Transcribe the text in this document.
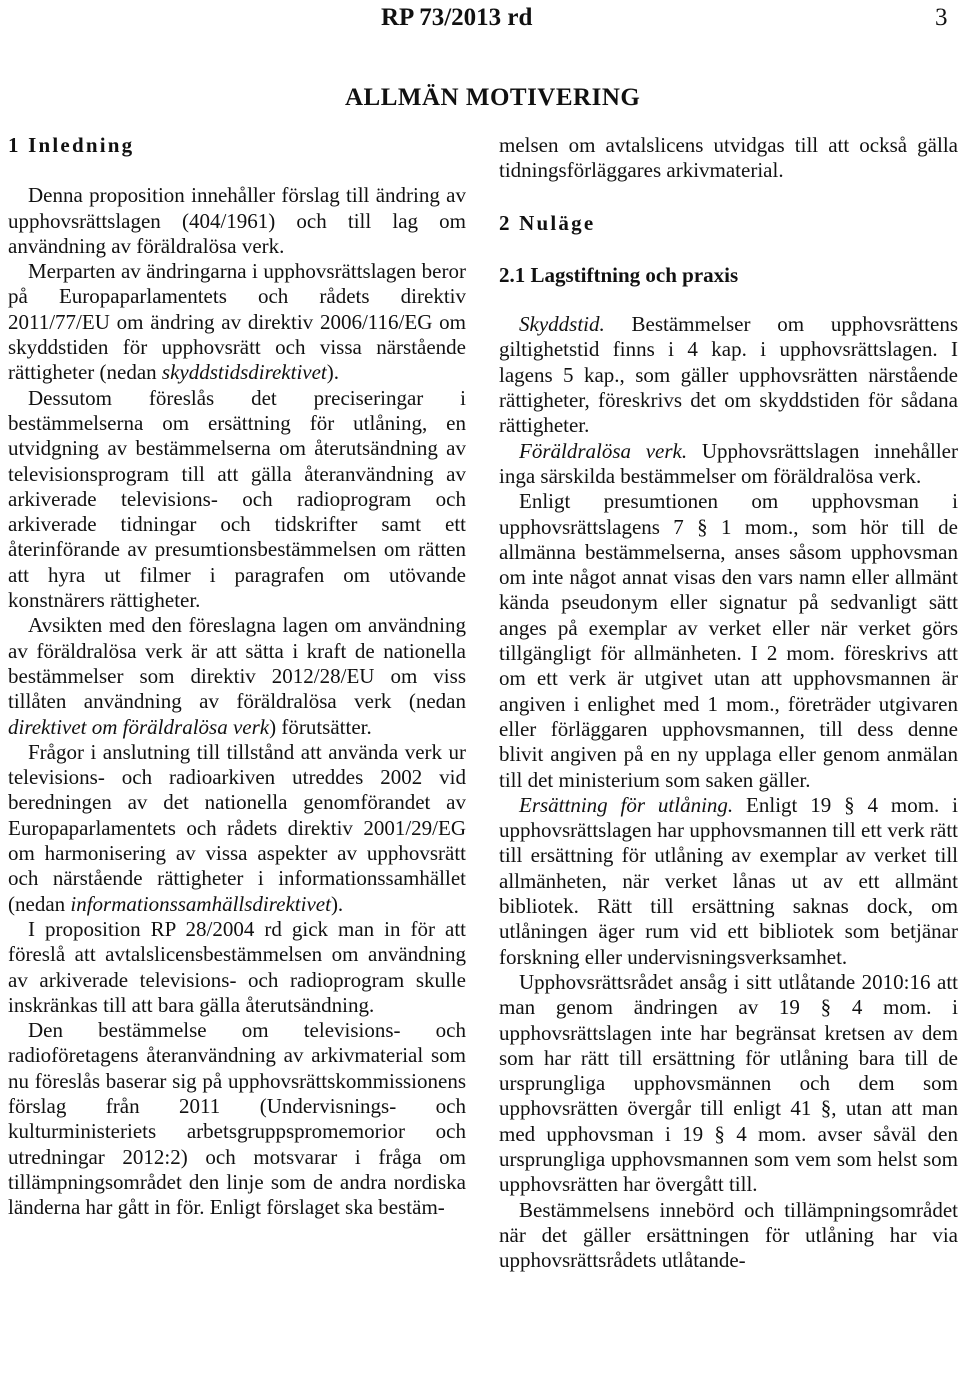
RP 73/2013 rd	3
ALLMÄN MOTIVERING

1 Inledning

Denna proposition innehåller förslag till ändring av upphovsrättslagen (404/1961) och till lag om användning av föräldralösa verk.

Merparten av ändringarna i upphovsrättslagen beror på Europaparlamentets och rådets direktiv 2011/77/EU om ändring av direktiv 2006/116/EG om skyddstiden för upphovsrätt och vissa närstående rättigheter (nedan skyddstidsdirektivet).

Dessutom föreslås det preciseringar i bestämmelserna om ersättning för utlåning, en utvidgning av bestämmelserna om återutsändning av televisionsprogram till att gälla återanvändning av arkiverade televisions- och radioprogram och arkiverade tidningar och tidskrifter samt ett återinförande av presumtionsbestämmelsen om rätten att hyra ut filmer i paragrafen om utövande konstnärers rättigheter.

Avsikten med den föreslagna lagen om användning av föräldralösa verk är att sätta i kraft de nationella bestämmelser som direktiv 2012/28/EU om viss tillåten användning av föräldralösa verk (nedan direktivet om föräldralösa verk) förutsätter.

Frågor i anslutning till tillstånd att använda verk ur televisions- och radioarkiven utreddes 2002 vid beredningen av det nationella genomförandet av Europaparlamentets och rådets direktiv 2001/29/EG om harmonisering av vissa aspekter av upphovsrätt och närstående rättigheter i informationssamhället (nedan informationssamhällsdirektivet).

I proposition RP 28/2004 rd gick man in för att föreslå att avtalslicensbestämmelsen om användning av arkiverade televisions- och radioprogram skulle inskränkas till att bara gälla återutsändning.

Den bestämmelse om televisions- och radioföretagens återanvändning av arkivmaterial som nu föreslås baserar sig på upphovsrättskommissionens förslag från 2011 (Undervisnings- och kulturministeriets arbetsgruppspromemorior och utredningar 2012:2) och motsvarar i fråga om tillämpningsområdet den linje som de andra nordiska länderna har gått in för. Enligt förslaget ska bestäm-

melsen om avtalslicens utvidgas till att också gälla tidningsförläggares arkivmaterial.

2 Nuläge

2.1 Lagstiftning och praxis

Skyddstid. Bestämmelser om upphovsrättens giltighetstid finns i 4 kap. i upphovsrättslagen. I lagens 5 kap., som gäller upphovsrätten närstående rättigheter, föreskrivs det om skyddstiden för sådana rättigheter.

Föräldralösa verk. Upphovsrättslagen innehåller inga särskilda bestämmelser om föräldralösa verk.

Enligt presumtionen om upphovsman i upphovsrättslagens 7 § 1 mom., som hör till de allmänna bestämmelserna, anses såsom upphovsman om inte något annat visas den vars namn eller allmänt kända pseudonym eller signatur på sedvanligt sätt anges på exemplar av verket eller när verket görs tillgängligt för allmänheten. I 2 mom. föreskrivs att om ett verk är utgivet utan att upphovsmannen är angiven i enlighet med 1 mom., företräder utgivaren eller förläggaren upphovsmannen, till dess denne blivit angiven på en ny upplaga eller genom anmälan till det ministerium som saken gäller.

Ersättning för utlåning. Enligt 19 § 4 mom. i upphovsrättslagen har upphovsmannen till ett verk rätt till ersättning för utlåning av exemplar av verket till allmänheten, när verket lånas ut av ett allmänt bibliotek. Rätt till ersättning saknas dock, om utlåningen äger rum vid ett bibliotek som betjänar forskning eller undervisningsverksamhet.

Upphovsrättsrådet ansåg i sitt utlåtande 2010:16 att man genom ändringen av 19 § 4 mom. i upphovsrättslagen inte har begränsat kretsen av dem som har rätt till ersättning för utlåning bara till de ursprungliga upphovsmännen och dem som upphovsrätten övergår till enligt 41 §, utan att man med upphovsman i 19 § 4 mom. avser såväl den ursprungliga upphovsmannen som vem som helst som upphovsrätten har övergått till.

Bestämmelsens innebörd och tillämpningsområdet när det gäller ersättningen för utlåning har via upphovsrättsrådets utlåtande-
